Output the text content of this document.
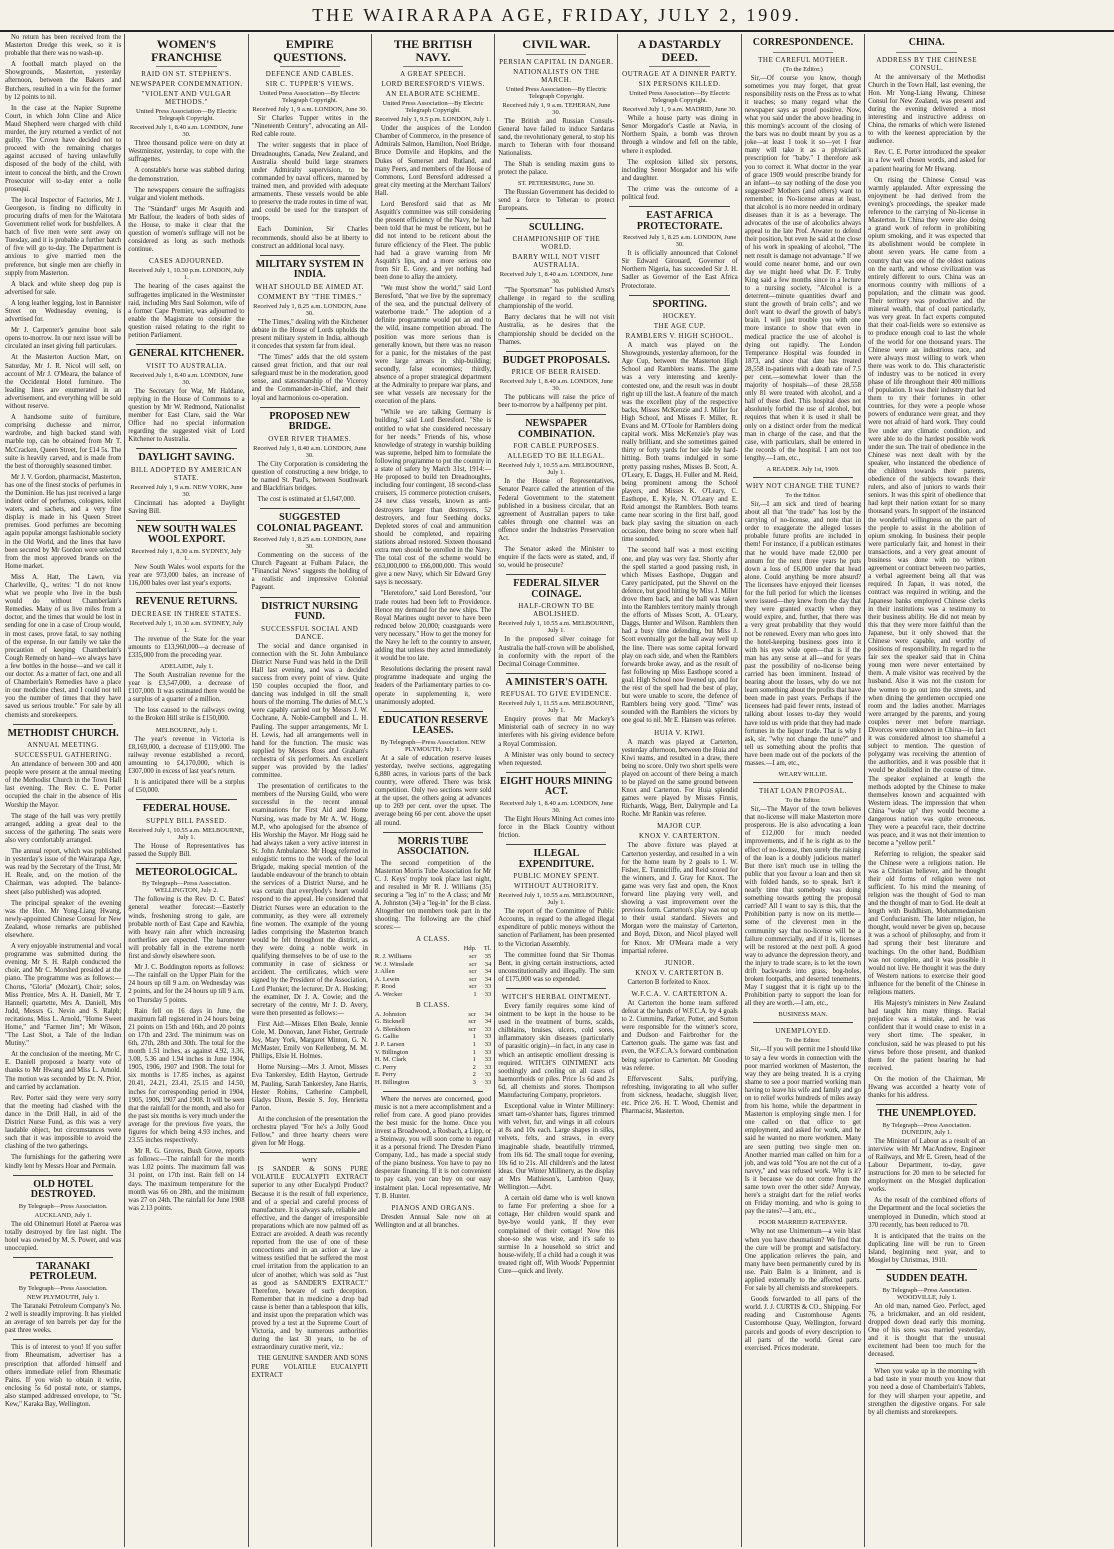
THE WAIRARAPA AGE, FRIDAY, JULY 2, 1909.

No return has been received from the Masterton Dredge this week, so it is probable that there was no wash-up.

A football match played on the Showgrounds, Masterton, yesterday afternoon, between the Bakers and Butchers, resulted in a win for the former by 12 points to nil.

In the case at the Napier Supreme Court, in which John Cline and Alice Maud Shepherd were charged with child murder, the jury returned a verdict of not guilty. The Crown have decided not to proceed with the remaining charges against accused of having unlawfully disposed of the body of the child, with intent to conceal the birth, and the Crown Prosecutor will to-day enter a nolle prosequi.

The local Inspector of Factories, Mr J. Georgeson, is finding no difficulty in procuring drafts of men for the Waitotara Government relief work for bushfellers. A batch of five men were sent away on Tuesday, and it is probable a further batch of five will go to-day. The Department is anxious to give married men the preference, but single men are chiefly in supply from Masterton.

A black and white sheep dog pup is advertised for sale.

A long leather legging, lost in Bannister Street on Wednesday evening, is advertised for.

Mr J. Carpenter's genuine boot sale opens to-morrow. In our next issue will be circulated an inset giving full particulars.

At the Masterton Auction Mart, on Saturday, Mr J. R. Nicol will sell, on account of Mr J. O'Meara, the balance of the Occidental Hotel furniture. The leading lines are enumerated in an advertisement, and everything will be sold without reserve.

A handsome suite of furniture, comprising duchesse and mirror, wardrobe, and high backed stand with marble top, can be obtained from Mr T. McCracken, Queen Street, for £14 5s. The suite is heavily carved, and is made from the best of thoroughly seasoned timber.

Mr J. V. Gordon, pharmacist, Masterton, has one of the finest stocks of perfumes in the Dominion. He has just received a large indent order of perfumes, colognes, toilet waters, and sachets, and a very fine display is made in his Queen Street premises. Good perfumes are becoming again popular amongst fashionable society in the Old World, and the lines that have been secured by Mr Gordon were selected from the most approved brands on the Home market.

Miss A. Hatt, The Lawn, via Charleville, Q., writes: "I do not know what we people who live in the bush would do without Chamberlain's Remedies. Many of us live miles from a doctor, and the times that would be lost in sending for one in a case of Croup would, in most cases, prove fatal, to say nothing of the expense. In our family we take the precaution of keeping Chamberlain's Cough Remedy on hand—we always have a few bottles in the house—and we call it our doctor. As a matter of fact, one and all of Chamberlain's Remedies have a place in our medicine chest, and I could not tell you the number of times that they have saved us serious trouble." For sale by all chemists and storekeepers.

METHODIST CHURCH.

ANNUAL MEETING.

SUCCESSFUL GATHERING.

An attendance of between 300 and 400 people were present at the annual meeting of the Methodist Church in the Town Hall last evening. The Rev. C. E. Porter occupied the chair in the absence of His Worship the Mayor.

The stage of the hall was very prettily arranged, adding a great deal to the success of the gathering. The seats were also very comfortably arranged.

The annual report, which was published in yesterday's issue of the Wairarapa Age, was read by the Secretary of the Trust, Mr H. Reale, and, on the motion of the Chairman, was adopted. The balance-sheet (also published) was adopted.

The principal speaker of the evening was the Hon. Mr Yong-Liang Hwang, newly-appointed Chinese Consul for New Zealand, whose remarks are published elsewhere.

A very enjoyable instrumental and vocal programme was submitted during the evening. Mr S. H. Ralph conducted the choir, and Mr C. Morshed presided at the piano. The programme was as follows:—Chorus, "Gloria" (Mozart), Choir; solos, Miss Prentice, Mrs A. H. Daniell, Mr T. Hannell; quartette, Mrs A. Daniell, Mrs Judd, Messrs G. Nevin and S. Ralph; recitations, Miss L. Arnold, "Home Sweet Home," and "Farmer Jim"; Mr Wilson, "The Last Shot, a Tale of the Indian Mutiny."

At the conclusion of the meeting, Mr C. E. Daniell proposed a hearty vote of thanks to Mr Hwang and Miss L. Arnold. The motion was seconded by Dr. N. Prior, and carried by acclamation.

Rev. Porter said they were very sorry that the meeting had clashed with the dance in the Drill Hall, in aid of the District Nurse Fund, as this was a very laudable object, but circumstances were such that it was impossible to avoid the clashing of the two gatherings.

The furnishings for the gathering were kindly lent by Messrs Hoar and Permain.

OLD HOTEL DESTROYED.

By Telegraph—Press Association.

AUCKLAND, July 1.

The old Ohinemuri Hotel at Paeroa was totally destroyed by fire last night. The hotel was owned by M. S. Power, and was unoccupied.

TARANAKI PETROLEUM.

By Telegraph—Press Association.

NEW PLYMOUTH, July 1.

The Taranaki Petroleum Company's No. 2 well is steadily improving. It has yielded an average of ten barrels per day for the past three weeks.

This is of interest to you! If you suffer from Rheumatism, advertiser has a prescription that afforded himself and others immediate relief from Rheumatic Pains. If you wish to obtain it write, enclosing 5s 6d postal note, or stamps, also stamped addressed envelope, to "St. Kew," Karaka Bay, Wellington.

WOMEN'S FRANCHISE

RAID ON ST. STEPHEN'S.

NEWSPAPER CONDEMNATION.

"VIOLENT AND VULGAR METHODS."

United Press Association—By Electric Telegraph Copyright.

Received July 1, 8.40 a.m. LONDON, June 30.

Three thousand police were on duty at Westminster, yesterday, to cope with the suffragettes.

A constable's horse was stabbed during the demonstration.

The newspapers censure the suffragists vulgar and violent methods.

The "Standard" urges Mr Asquith and Mr Balfour, the leaders of both sides of the House, to make it clear that the question of women's suffrage will not be considered as long as such methods continue.

CASES ADJOURNED.

Received July 1, 10.30 p.m. LONDON, July 1.

The hearing of the cases against the suffragettes implicated in the Westminster raid, including Mrs Saul Solomon, wife of a former Cape Premier, was adjourned to enable the Magistrate to consider the question raised relating to the right to petition Parliament.

GENERAL KITCHENER.

VISIT TO AUSTRALIA.

Received July 1, 8.40 a.m. LONDON, June 30.

The Secretary for War, Mr Haldane, replying in the House of Commons to a question by Mr W. Redmond, Nationalist member for East Clare, said the War Office had no special information regarding the suggested visit of Lord Kitchener to Australia.

DAYLIGHT SAVING.

BILL ADOPTED BY AMERICAN STATE.

Received July 1, 9 a.m. NEW YORK, June 30.

Cincinnati has adopted a Daylight Saving Bill.

NEW SOUTH WALES WOOL EXPORT.

Received July 1, 8.30 a.m. SYDNEY, July 1.

New South Wales wool exports for the year are 973,000 bales, an increase of 116,000 bales over last year's exports.

REVENUE RETURNS.

DECREASE IN THREE STATES.

Received July 1, 10.30 a.m. SYDNEY, July 1.

The revenue of the State for the year amounts to £13,960,000—a decrease of £335,000 from the preceding year.

ADELAIDE, July 1.

The South Australian revenue for the year is £3,547,000, a decrease of £107,000. It was estimated there would be a surplus of a quarter of a million.

The loss caused to the railways owing to the Broken Hill strike is £150,000.

MELBOURNE, July 1.

The year's revenue in Victoria is £8,169,000, a decrease of £119,000. The railway revenue established a record, amounting to £4,170,000, which is £307,000 in excess of last year's return.

It is anticipated there will be a surplus of £50,000.

FEDERAL HOUSE.

SUPPLY BILL PASSED.

Received July 1, 10.55 a.m. MELBOURNE, July 1.

The House of Representatives has passed the Supply Bill.

METEOROLOGICAL.

By Telegraph—Press Association. WELLINGTON, July 2.

The following is the Rev. D. C. Bates' general weather forecast:—Easterly winds, freshening strong to gale, are probable north of East Cape and Kawhia, with heavy rain after which increasing northerlies are expected. The barometer will probably fall in the extreme north first and slowly elsewhere soon.

Mr J. C. Boddington reports as follows:—The rainfall on the Upper Plain for the 24 hours up till 9 a.m. on Wednesday was 2 points, and for the 24 hours up till 9 a.m. on Thursday 5 points.

Rain fell on 16 days in June, the maximum fall registered in 24 hours being 21 points on 15th and 16th, and 20 points on 17th and 23rd. The minimum was on 6th, 27th, 28th and 30th. The total for the month 1.51 inches, as against 4.92, 3.36, 3.08, 5.36 and 1.94 inches in June 1904, 1905, 1906, 1907 and 1908. The total for six months is 17.85 inches, as against 20.41, 24.21, 23.41, 25.15 and 14.50, inches for corresponding period in 1904, 1905, 1906, 1907 and 1908. It will be seen that the rainfall for the month, and also for the past six months is very much under the average for the previous five years, the figures for which being 4.93 inches, and 23.55 inches respectively.

Mr R. G. Groves, Bush Grove, reports as follows:—The rainfall for the month was 1.02 points. The maximum fall was 31 point, on 17th inst. Rain fell on 14 days. The maximum temperature for the month was 66 on 28th, and the minimum was 27 on 24th. The rainfall for June 1908 was 2.13 points.

EMPIRE QUESTIONS.

DEFENCE AND CABLES.

SIR C. TUPPER'S VIEWS.

United Press Association—By Electric Telegraph Copyright.

Received July 1, 9 a.m. LONDON, June 30.

Sir Charles Tupper writes in the "Nineteenth Century", advocating an All-Red cable route.

The writer suggests that in place of Dreadnoughts, Canada, New Zealand, and Australia should build large steamers under Admiralty supervision, to be commanded by naval officers, manned by trained men, and provided with adequate armaments. These vessels would be able to preserve the trade routes in time of war, and could be used for the transport of troops.

Each Dominion, Sir Charles recommends, should also be at liberty to construct an additional local navy.

MILITARY SYSTEM IN INDIA.

WHAT SHOULD BE AIMED AT.

COMMENT BY "THE TIMES."

Received July 1, 8.25 a.m. LONDON, June 30.

"The Times," dealing with the Kitchener debate in the House of Lords upholds the present military system in India, although it concedes that system far from ideal.

"The Times" adds that the old system caused great friction, and that our real safeguard must be in the moderation, good sense, and statesmanship of the Viceroy and the Commander-in-Chief, and their loyal and harmonious co-operation.

PROPOSED NEW BRIDGE.

OVER RIVER THAMES.

Received July 1, 8.40 a.m. LONDON, June 30.

The City Corporation is considering the question of constructing a new bridge, to be named St. Paul's, between Southwark and Blackfriars bridges.

The cost is estimated at £1,647,000.

SUGGESTED COLONIAL PAGEANT.

Received July 1, 8.25 a.m. LONDON, June 30.

Commenting on the success of the Church Pageant at Fulham Palace, the "Financial News" suggests the holding of a realistic and impressive Colonial Pageant.

DISTRICT NURSING FUND.

SUCCESSFUL SOCIAL AND DANCE.

The social and dance organised in connection with the St. John Ambulance District Nurse Fund was held in the Drill Hall last evening, and was a decided success from every point of view. Quite 150 couples occupied the floor, and dancing was indulged in till the small hours of the morning. The duties of M.C.'s were capably carried out by Messrs J. W. Cochrane, A. Noble-Campbell and L. H. Pauling. The supper arrangements, Mr I. H. Lewis, had all arrangements well in hand for the function. The music was supplied by Messrs Ross and Graham's orchestra of six performers. An excellent supper was provided by the ladies' committee.

The presentation of certificates to the members of the Nursing Guild, who were successful in the recent annual examinations for First Aid and Home Nursing, was made by Mr A. W. Hogg, M.P., who apologised for the absence of His Worship the Mayor. Mr Hogg said he had always taken a very active interest in St. John Ambulance. Mr Hogg referred in eulogistic terms to the work of the local Brigade, making special mention of the laudable endeavour of the branch to obtain the services of a District Nurse, and he was certain that everybody's heart would respond to the appeal. He considered that District Nurses were an education to the community, as they were all extremely fine women. The example of the young ladies comprising the Masterton branch would be felt throughout the district, as they were doing a noble work in qualifying themselves to be of use to the community in case of sickness or accident. The certificates, which were signed by the President of the Association, Lord Plunket; the lecturer, Dr A. Hosking; the examiner, Dr J. A. Cowie; and the secretary of the centre, Mr J. D. Avery, were then presented as follows:—

First Aid:—Misses Ellen Beale, Jennie Cole, M. Donovan, Janet Fisher, Gertrude Joy, Mary York, Margaret Minton, G. N. McMaster, Emily von Kellenberg, M. M. Phillips, Elsie H. Holmes.

Home Nursing:—Mrs J. Arnot, Misses Eva Tankersley, Edith Hayton, Gertrude M. Pauling, Sarah Tankersley, Jane Harris, Hester Robins, Catherine Campbell, Gladys Dixon, Bessie S. Joy, Henrietta Parton.

At the conclusion of the presentation the orchestra played "For he's a Jolly Good Fellow," and three hearty cheers were given for Mr Hogg.

WHY

IS SANDER & SONS PURE VOLATILE EUCALYPTI EXTRACT superior to any other Eucalypti Product? Because it is the result of full experience, and of a special and careful process of manufacture. It is always safe, reliable and effective, and the danger of irresponsible preparations which are now palmed off as Extract are avoided. A death was recently reported from the use of one of these concoctions and in an action at law a witness testified that he suffered the most cruel irritation from the application to an ulcer of another, which was sold as "Just as good as SANDER'S EXTRACT." Therefore, beware of such deception. Remember that in medicine a drop bad cause is better than a tablespoon that kills, and insist upon the preparation which was proved by a test at the Supreme Court of Victoria, and by numerous authorities during the last 30 years, to be of extraordinary curative merit, viz.:

THE GENUINE SANDER AND SONS PURE VOLATILE EUCALYPTI EXTRACT

THE BRITISH NAVY.

A GREAT SPEECH.

LORD BERESFORD'S VIEWS.

AN ELABORATE SCHEME.

United Press Association—By Electric Telegraph Copyright.

Received July 1, 9.5 p.m. LONDON, July 1.

Under the auspices of the London Chamber of Commerce, in the presence of Admirals Salmon, Hamilton, Noel Bridge, Bruce Domvile and Hopkins, and the Dukes of Somerset and Rutland, and many Peers, and members of the House of Commons, Lord Beresford addressed a great city meeting at the Merchant Tailors' Hall.

Lord Beresford said that as Mr Asquith's committee was still considering the present efficiency of the Navy, he had been told that he must be reticent, but he did not intend to be reticent about the future efficiency of the Fleet. The public had had a grave warning from Mr Asquith's lips, and a more serious one from Sir E. Grey, and yet nothing had been done to allay the anxiety.

"We must show the world," said Lord Beresford, "that we live by the supremacy of the sea, and the punctual delivery of waterborne trade." The adoption of a definite programme would put an end to the wild, insane competition abroad. The position was more serious than is generally known, but there was no reason for a panic, for the mistakes of the past were large arrears in ship-building; secondly, false economies; thirdly, absence of a proper strategical department at the Admiralty to prepare war plans, and see what vessels are necessary for the execution of the plans.

"While we are talking Germany is building," said Lord Beresford. "She is entitled to what she considered necessary for her needs." Friends of his, whose knowledge of strategy in warship building was supreme, helped him to formulate the following programme to put the country in a state of safety by March 31st, 1914:—He proposed to build ten Dreadnoughts, including four contingent, 18 second-class cruisers, 15 commerce protection cruisers, 24 new class vessels, known as anti-destroyers larger than destroyers, 52 destroyers, and four Seething docks. Depleted stores of coal and ammunition should be completed, and repairing stations abroad restored. Sixteen thousand extra men should be enrolled in the Navy. The total cost of the scheme would be £63,000,000 to £66,000,000. This would give a new Navy, which Sir Edward Grey says is necessary.

"Heretofore," said Lord Beresford, "our trade routes had been left to Providence. Hence my demand for the new ships. The Royal Marines ought never to have been reduced below 20,000; coastguards were very necessary." How to get the money for the Navy he left to the country to answer, adding that unless they acted immediately it would be too late.

Resolutions declaring the present naval programme inadequate and urging the leaders of the Parliamentary parties to co-operate in supplementing it, were unanimously adopted.

EDUCATION RESERVE LEASES.

By Telegraph—Press Association. NEW PLYMOUTH, July 1.

At a sale of education reserve leases yesterday, twelve sections, aggregating 6,880 acres, in various parts of the back country, were offered. There was brisk competition. Only two sections were sold at the upset, the others going at advances up to 269 per cent. over the upset. The average being 66 per cent. above the upset all round.

MORRIS TUBE ASSOCIATION.

The second competition of the Masterton Morris Tube Association for Mr C. J. Keys' trophy took place last night, and resulted in Mr R. J. Williams (35) securing a "leg in" to the A class; and Mr A. Johnston (34) a "leg-in" for the B class. Altogether ten members took part in the shooting. The following are the chief scores:—

A CLASS.

	Hdp.	Tl.
R. J. Williams	scr	35
W. J. Winslade	scr	34
J. Allen	scr	34
A. Lewin	scr	34
F. Rood	scr	33
A. Wecker	1	33

B CLASS.

A. Johnston	scr	34
G. Bicknell	scr	34
A. Blenkhorn	scr	33
G. Gallie	1	33
J. P. Larsen	1	33
V. Billington	1	33
H. M. Clark	1	33
C. Perry	2	33
E. Perry	2	33
H. Billington	3	33

Where the nerves are concerned, good music is not a mere accomplishment and a relief from care. A good piano provides the best music for the home. Once you invest a Broadwood, a Rosbach, a Lipp, or a Steinway, you will soon come to regard it as a personal friend. The Dresden Piano Company, Ltd., has made a special study of the piano business. You have to pay no desperate financing. If it is not convenient to pay cash, you can buy on our easy instalment plan. Local representative, Mr T. B. Hunter.

PIANOS AND ORGANS.

Dresden Annual Sale now on at Wellington and at all branches.

CIVIL WAR.

PERSIAN CAPITAL IN DANGER.

NATIONALISTS ON THE MARCH.

United Press Association—By Electric Telegraph Copyright.

Received July 1, 9 a.m. TEHERAN, June 30.

The British and Russian Consuls-General have failed to induce Sardaras sand, the revolutionary general, to stop his march to Teheran with four thousand Nationalists.

The Shah is sending maxim guns to protect the palace.

ST. PETERSBURG, June 30.

The Russian Government has decided to send a force to Teheran to protect Europeans.

SCULLING.

CHAMPIONSHIP OF THE WORLD.

BARRY WILL NOT VISIT AUSTRALIA.

Received July 1, 8.40 a.m. LONDON, June 30.

"The Sportsman" has published Arnst's challenge in regard to the sculling championship of the world.

Barry declares that he will not visit Australia, as he desires that the championship should be decided on the Thames.

BUDGET PROPOSALS.

PRICE OF BEER RAISED.

Received July 1, 8.40 a.m. LONDON, June 30.

The publicans will raise the price of beer to-morrow by a halfpenny per pint.

NEWSPAPER COMBINATION.

FOR CABLE PURPOSES.

ALLEGED TO BE ILLEGAL.

Received July 1, 10.55 a.m. MELBOURNE, July 1.

In the House of Representatives, Senator Pearce called the attention of the Federal Government to the statement published in a business circular, that an agreement of Australian papers to take cables through one channel was an offence under the Industries Preservation Act.

The Senator asked the Minister to enquire if the facts were as stated, and, if so, would he prosecute?

FEDERAL SILVER COINAGE.

HALF-CROWN TO BE ABOLISHED.

Received July 1, 10.55 a.m. MELBOURNE, July 1.

In the proposed silver coinage for Australia the half-crown will be abolished, in conformity with the report of the Decimal Coinage Committee.

A MINISTER'S OATH.

REFUSAL TO GIVE EVIDENCE.

Received July 1, 11.55 a.m. MELBOURNE, July 1.

Enquiry proves that Mr Mackey's Ministerial oath of secrecy in no way interferes with his giving evidence before a Royal Commission.

A Minister was only bound to secrecy when requested.

EIGHT HOURS MINING ACT.

Received July 1, 8.40 a.m. LONDON, June 30.

The Eight Hours Mining Act comes into force in the Black Country without friction.

ILLEGAL EXPENDITURE.

PUBLIC MONEY SPENT.

WITHOUT AUTHORITY.

Received July 1, 10.55 a.m. MELBOURNE, July 1.

The report of the Committee of Public Accounts, in regard to the alleged illegal expenditure of public moneys without the sanction of Parliament, has been presented to the Victorian Assembly.

The committee found that Sir Thomas Bent, in giving certain instructions, acted unconstitutionally and illegally. The sum of £175,000 was so expended.

WITCH'S HERBAL OINTMENT.

Every family requires some kind of ointment to be kept in the house to be used in the treatment of burns, scalds, chilblains, bruises, ulcers, cold sores, inflammatory skin diseases (particularly of parasitic origin)—in fact, in any case in which an antiseptic emollient dressing is required. WITCH'S OINTMENT acts soothingly and cooling on all cases of haemorrhoids or piles. Price 1s 6d and 2s 6d, all chemists and stores. Thompson Manufacturing Company, proprietors.

Exceptional value in Winter Millinery: smart tam-o'shanter hats, figures trimmed with velvet, fur, and wings in all colours at 8s and 10s each. Large shapes in silks, velvets, felts, and straws, in every imaginable shade, beautifully trimmed, from 10s 6d. The small toque for evening, 10s 6d to 21s. All children's and the latest ideas. Our Winter Millinery, as the display at Mrs Mathieson's, Lambton Quay, Wellington.—Advt.

A certain old dame who is well known to fame For preferring a shoe for a cottage, Her children would spank and bye-bye would yank, If they ever complained of their cottage! Now this shoe-so she was wise, and it's safe to surmise In a household so strict and house-wifely, If a child had a cough it was treated right off, With Woods' Peppermint Cure—quick and lively.

A DASTARDLY DEED.

OUTRAGE AT A DINNER PARTY.

SIX PERSONS KILLED.

United Press Association—By Electric Telegraph Copyright.

Received July 1, 9 a.m. MADRID, June 30.

While a house party was dining in Senor Morgador's Castle at Navia, in Northern Spain, a bomb was thrown through a window and fell on the table, where it exploded.

The explosion killed six persons, including Senor Morgador and his wife and daughter.

The crime was the outcome of a political feud.

EAST AFRICA PROTECTORATE.

Received July 1, 8.25 a.m. LONDON, June 30.

It is officially announced that Colonel Sir Edward Girouard, Governor of Northern Nigeria, has succeeded Sir J. H. Sadler as Governor of the East Africa Protectorate.

SPORTING.

HOCKEY.

THE AGE CUP.

RAMBLERS V. HIGH SCHOOL.

A match was played on the Showgrounds, yesterday afternoon, for the Age Cup, between the Masterton High School and Ramblers teams. The game was a very interesting and keenly-contested one, and the result was in doubt right up till the last. A feature of the match was the excellent play of the respective backs, Misses McKenzie and J. Miller for High School, and Misses F. Miller, R. Evans and M. O'Toole for Ramblers doing capital work. Miss McKenzie's play was really brilliant, and she sometimes gained thirty or forty yards for her side by hard-hitting. Both teams indulged in some pretty passing rushes, Misses B. Scott, A. O'Leary, E. Daggs, H. Fuller and M. Reid, being prominent among the School players, and Misses K. O'Leary, C. Easthope, E. Kyle, N. O'Leary and E. Reid amongst the Ramblers. Both teams came near scoring in the first half, good back play saving the situation on each occasion, there being no score when half time sounded.

The second half was a most exciting one, and play was very fast. Shortly after the spell started a good passing rush, in which Misses Easthope, Duggan and Carey participated, put the Shovel on the defence, but good hitting by Miss J. Miller drove them back, and the ball was taken into the Ramblers territory mainly through the efforts of Misses Scott, A. O'Leary, Daggs, Hunter and Wilson. Ramblers then had a busy time defending, but Miss J. Scott eventually got the ball away well up the line. There was some capital forward play on each side, and when the Ramblers forwards broke away, and as the result of fast following up Miss Easthope scored a goal. High School now livened up, and for the rest of the spell had the best of play, but were unable to score, the defence of Ramblers being very good. "Time" was sounded with the Ramblers the victors by one goal to nil. Mr E. Hansen was referee.

HUIA V. KIWI.

A match was played at Carterton, yesterday afternoon, between the Huia and Kiwi teams, and resulted in a draw, there being no score. Only two short spells were played on account of there being a match to be played on the same ground between Knox and Carterton. For Huia splendid games were played by Misses Finnis, Richards, Wagg, Berr, Dalrymple and La Roche. Mr Rankin was referee.

MAJOR CUP.

KNOX V. CARTERTON.

The above fixture was played at Carterton yesterday, and resulted in a win for the home team by 2 goals to 1. W. Fisher, E. Tunnicliffe, and Reid scored for the winners, and J. Gray for Knox. The game was very fast and open, the Knox forward line playing very well, and showing a vast improvement over the previous form. Carterton's play was not up to their usual standard. Sievers and Morgan were the mainstay of Carterton, and Boyd, Dixon, and Nicol played well for Knox. Mr O'Meara made a very impartial referee.

JUNIOR.

KNOX V. CARTERTON B.

Carterton B forfeited to Knox.

W.F.C.A. V. CARTERTON A.

At Carterton the home team suffered defeat at the hands of W.F.C.A. by 4 goals to 2. Cummins, Parker, Potter, and Sutton were responsible for the winner's score, and Dudson and Fairbrother for the Carterton goals. The game was fast and even, the W.F.C.A.'s forward combination being superior to Carterton. Mr Gooding was referee.

Effervescent Salts, purifying, refreshing, invigorating to all who suffer from sickness, headache, sluggish liver, etc. Price 2/6. H. T. Wood, Chemist and Pharmacist, Masterton.

CORRESPONDENCE.

THE CAREFUL MOTHER.

(To the Editor.)

Sir,—Of course you know, though sometimes you may forget, that great responsibility rests on the Press as to what it teaches; so many regard what the newspaper says as proof positive. Now, what you said under the above heading in this morning's account of the closing of the bars was no doubt meant by you as a joke—at least I took it so—yet I fear many will take it as a physician's prescription for "baby." I therefore ask you to correct it. What doctor in the year of grace 1909 would prescribe brandy for an infant—to say nothing of the dose you suggested? Mothers (and others) want to remember, in No-license areas at least, that alcohol is no more needed in ordinary diseases than it is as a beverage. The advocates of the use of alcoholics always appeal to the late Prof. Atwater to defend their position, but even he said at the close of his work in speaking of alcohol, "The nett result is damage not advantage." If we would come nearer home, and our own day we might heed what Dr. F. Truby King said a few months since in a lecture to a nursing society, "Alcohol is a deterrent—minute quantities dwarf and stunt the growth of brain cells"; and we don't want to dwarf the growth of baby's brain. I will just trouble you with one more instance to show that even in medical practice the use of alcohol is dying out rapidly. The London Temperance Hospital was founded in 1873, and since that date has treated 28,558 in-patients with a death rate of 7.5 per cent.—somewhat lower than the majority of hospitals—of these 28,558 only 81 were treated with alcohol, and a half of these died. This hospital does not absolutely forbid the use of alcohol, but requires that when it is used it shall be only on a distinct order from the medical man in charge of the case, and that the case, with particulars, shall be entered in the records of the hospital. I am not too lengthy.—I am, etc.,

A READER. July 1st, 1909.

WHY NOT CHANGE THE TUNE?

To the Editor.

Sir,—I am sick and tired of hearing about all that "the trade" has lost by the carrying of no-license, and note that in order to exaggerate the alleged losses probable future profits are included in them! For instance, if a publican estimates that he would have made £2,000 per annum for the next three years he puts down a loss of £6,000 under that head alone. Could anything be more absurd? The licensees have enjoyed their licenses for the full period for which the licenses were issued—they knew from the day that they were granted exactly when they would expire, and, further, that there was a very great probability that they would not be renewed. Every man who goes into the hotel-keeping business goes into it with his eyes wide open—that is if the man has any sense at all—and for years past the possibility of no-license being carried has been imminent. Instead of bearing about the losses, why do we not learn something about the profits that have been made in past years. Perhaps if the licensees had paid fewer rents, instead of talking about losses to-day they would have told us with pride that they had made fortunes in the liquor trade. That is why I ask, sir, "why not change the tune?" and tell us something about the profits that have been made out of the pockets of the masses.—I am, etc.,

WEARY WILLIE.

THAT LOAN PROPOSAL.

To the Editor.

Sir,—The Mayor of the town believes that no-license will make Masterton more prosperous. He is also advocating a loan of £12,000 for much needed improvements, and if he is right as to the effect of no-license, then surely the raising of the loan is a doubly judicious matter! But there isn't much use in telling the public that you favour a loan and then sit with folded hands, so to speak. Isn't it nearly time that somebody was doing something towards getting the proposal carried? All I want to say is this, that the Prohibition party is now on its mettle—some of the cleverest men in the community say that no-license will be a failure commercially, and if it is, licenses will be restored at the next poll. A good way to advance the depression theory, and the injury to trade scare, is to let the town drift backwards into grass, bog-holes, broken footpaths, and deserted tenements. May I suggest that it is right up to the Prohibition party to support the loan for all they are worth.—I am, etc.,

BUSINESS MAN.

UNEMPLOYED.

To the Editor.

Sir,—If you will permit me I should like to say a few words in connection with the poor married workmen of Masterton, the way they are being treated. It is a crying shame to see a poor married working man having to leave his wife and family and go on to relief works hundreds of miles away from his home, while the department in Masterton is employing single men. I for one called on that office to get employment, and asked for work, and he said he wanted no more workmen. Many are seen putting two single men on. Another married man called on him for a job, and was told "You are not the cut of a navvy," and was refused work. Why is it? Is it because we do not come from the same town over the other side? Anyway, here's a straight dart for the relief works on Friday morning, and who is going to pay the rates?—I am, etc.,

POOR MARRIED RATEPAYER.

Why not use Unimentum—a vein blast when you have rheumatism? We find that the cure will be prompt and satisfactory. One application relieves the pain, and many have been permanently cured by its use. Pain Balm is a liniment, and is applied externally to the affected parts. For sale by all chemists and storekeepers.

Goods forwarded to all parts of the world. J. J. CURTIS & CO., Shipping. For reading and Customhouse Agents Customhouse Quay, Wellington, forward parcels and goods of every description to all parts of the world. Great care exercised. Prices moderate.

CHINA.

ADDRESS BY THE CHINESE CONSUL.

At the anniversary of the Methodist Church in the Town Hall, last evening, the Hon. Mr Yong-Liang Hwang, Chinese Consul for New Zealand, was present and during the evening delivered a most interesting and instructive address on China, the remarks of which were listened to with the keenest appreciation by the audience.

Rev. C. E. Porter introduced the speaker in a few well chosen words, and asked for a patient hearing for Mr Hwang.

On rising the Chinese Consul was warmly applauded. After expressing the enjoyment he had derived from the evening's proceedings, the speaker made reference to the carrying of No-license in Masterton. In China they were also doing a grand work of reform in prohibiting opium smoking, and it was expected that its abolishment would be complete in about seven years. He came from a country that was one of the oldest nations on the earth, and whose civilization was entirely different to ours. China was an enormous country with millions of a population, and the climate was good. Their territory was productive and the mineral wealth, that of coal particularly, was very great. In fact experts computed that their coal-fields were so extensive as to produce enough coal to last the whole of the world for one thousand years. The Chinese were an industrious race, and were always most willing to work when there was work to do. This characteristic of industry was to be noticed in every phase of life throughout their 400 millions of population. It was their industry that led them to try their fortunes in other countries, for they were a people whose powers of endurance were great, and they were not afraid of hard work. They could live under any climatic condition, and were able to do the hardest possible work under the sun. The trait of obedience in the Chinese was next dealt with by the speaker, who instanced the obedience of the children towards their parents, obedience of the subjects towards their rulers, and also of juniors to wards their seniors. It was this spirit of obedience that had kept their nation extant for so many thousand years. In support of the instanced the wonderful willingness on the part of the people to assist in the abolition of opium smoking. In business their people were particularly fair, and honest in their transactions, and a very great amount of business was done with no written agreement or contract between two parties, a verbal agreement being all that was required. In Japan, it was noted, the contract was required in writing, and the Japanese banks employed Chinese clerks in their institutions was a testimony to their business ability. He did not mean by this that they were more faithful than the Japanese, but it only showed that the Chinese were capable, and worthy of positions of responsibility. In regard to the fair sex the speaker said that in China young men were never entertained by them. A male visitor was received by the husband. Also it was not the custom for the women to go out into the streets, and when dining the gentlemen occupied one room and the ladies another. Marriages were arranged by the parents, and young couples never met before marriage. Divorces were unknown in China—in fact it was considered almost too shameful a subject to mention. The question of polygamy was receiving the attention of the authorities, and it was possible that it would be abolished in the course of time. The speaker explained at length the methods adopted by the Chinese to make themselves known and acquainted with Western ideas. The impression that when China "woke up" they would become a dangerous nation was quite erroneous. They were a peaceful race, their doctrine was peace, and it was not their intention to become a "yellow peril."

Referring to religion, the speaker said the Chinese were a religious nation. He was a Christian believer, and he thought their old forms of religion were not sufficient. To his mind the meaning of religion was the thought of God to man and the thought of man to God. He dealt at length with Buddhism, Mohammedanism and Confucianism. The latter religion, he thought, would never be given up, because it was a school of philosophy, and from it had sprung their best literature and teachings. On the other hand, Buddhism was not complete, and it was possible it would not live. He thought it was the duty of Western nations to exercise their good influence for the benefit of the Chinese in religious matters.

His Majesty's ministers in New Zealand had taught him many things. Racial prejudice was a mistake, and he was confident that it would cease to exist in a very short time. The speaker, in conclusion, said he was pleased to put his views before those present, and thanked them for the patient hearing he had received.

On the motion of the Chairman, Mr Hwang was accorded a hearty vote of thanks for his address.

THE UNEMPLOYED.

By Telegraph—Press Association. DUNEDIN, July 1.

The Minister of Labour as a result of an interview with Mr MacAndrew, Engineer of Railways, and Mr E. Green, head of the Labour Department, to-day, gave instructions for 20 men to be selected for employment on the Mosgiel duplication works.

As the result of the combined efforts of the Department and the local societies the unemployed in Dunedin, which stood at 370 recently, has been reduced to 70.

It is anticipated that the trains on the duplicating line will be run to Green Island, beginning next year, and to Mosgiel by Christmas, 1910.

SUDDEN DEATH.

By Telegraph—Press Association. WOODVILLE, July 1.

An old man, named Geo. Perfect, aged 76, a brickmaker, and an old resident, dropped down dead early this morning. One of his sons was married yesterday, and it is thought that the unusual excitement had been too much for the deceased.

When you wake up in the morning with a bad taste in your mouth you know that you need a dose of Chamberlain's Tablets, for they will sharpen your appetite, and strengthen the digestive organs. For sale by all chemists and storekeepers.
